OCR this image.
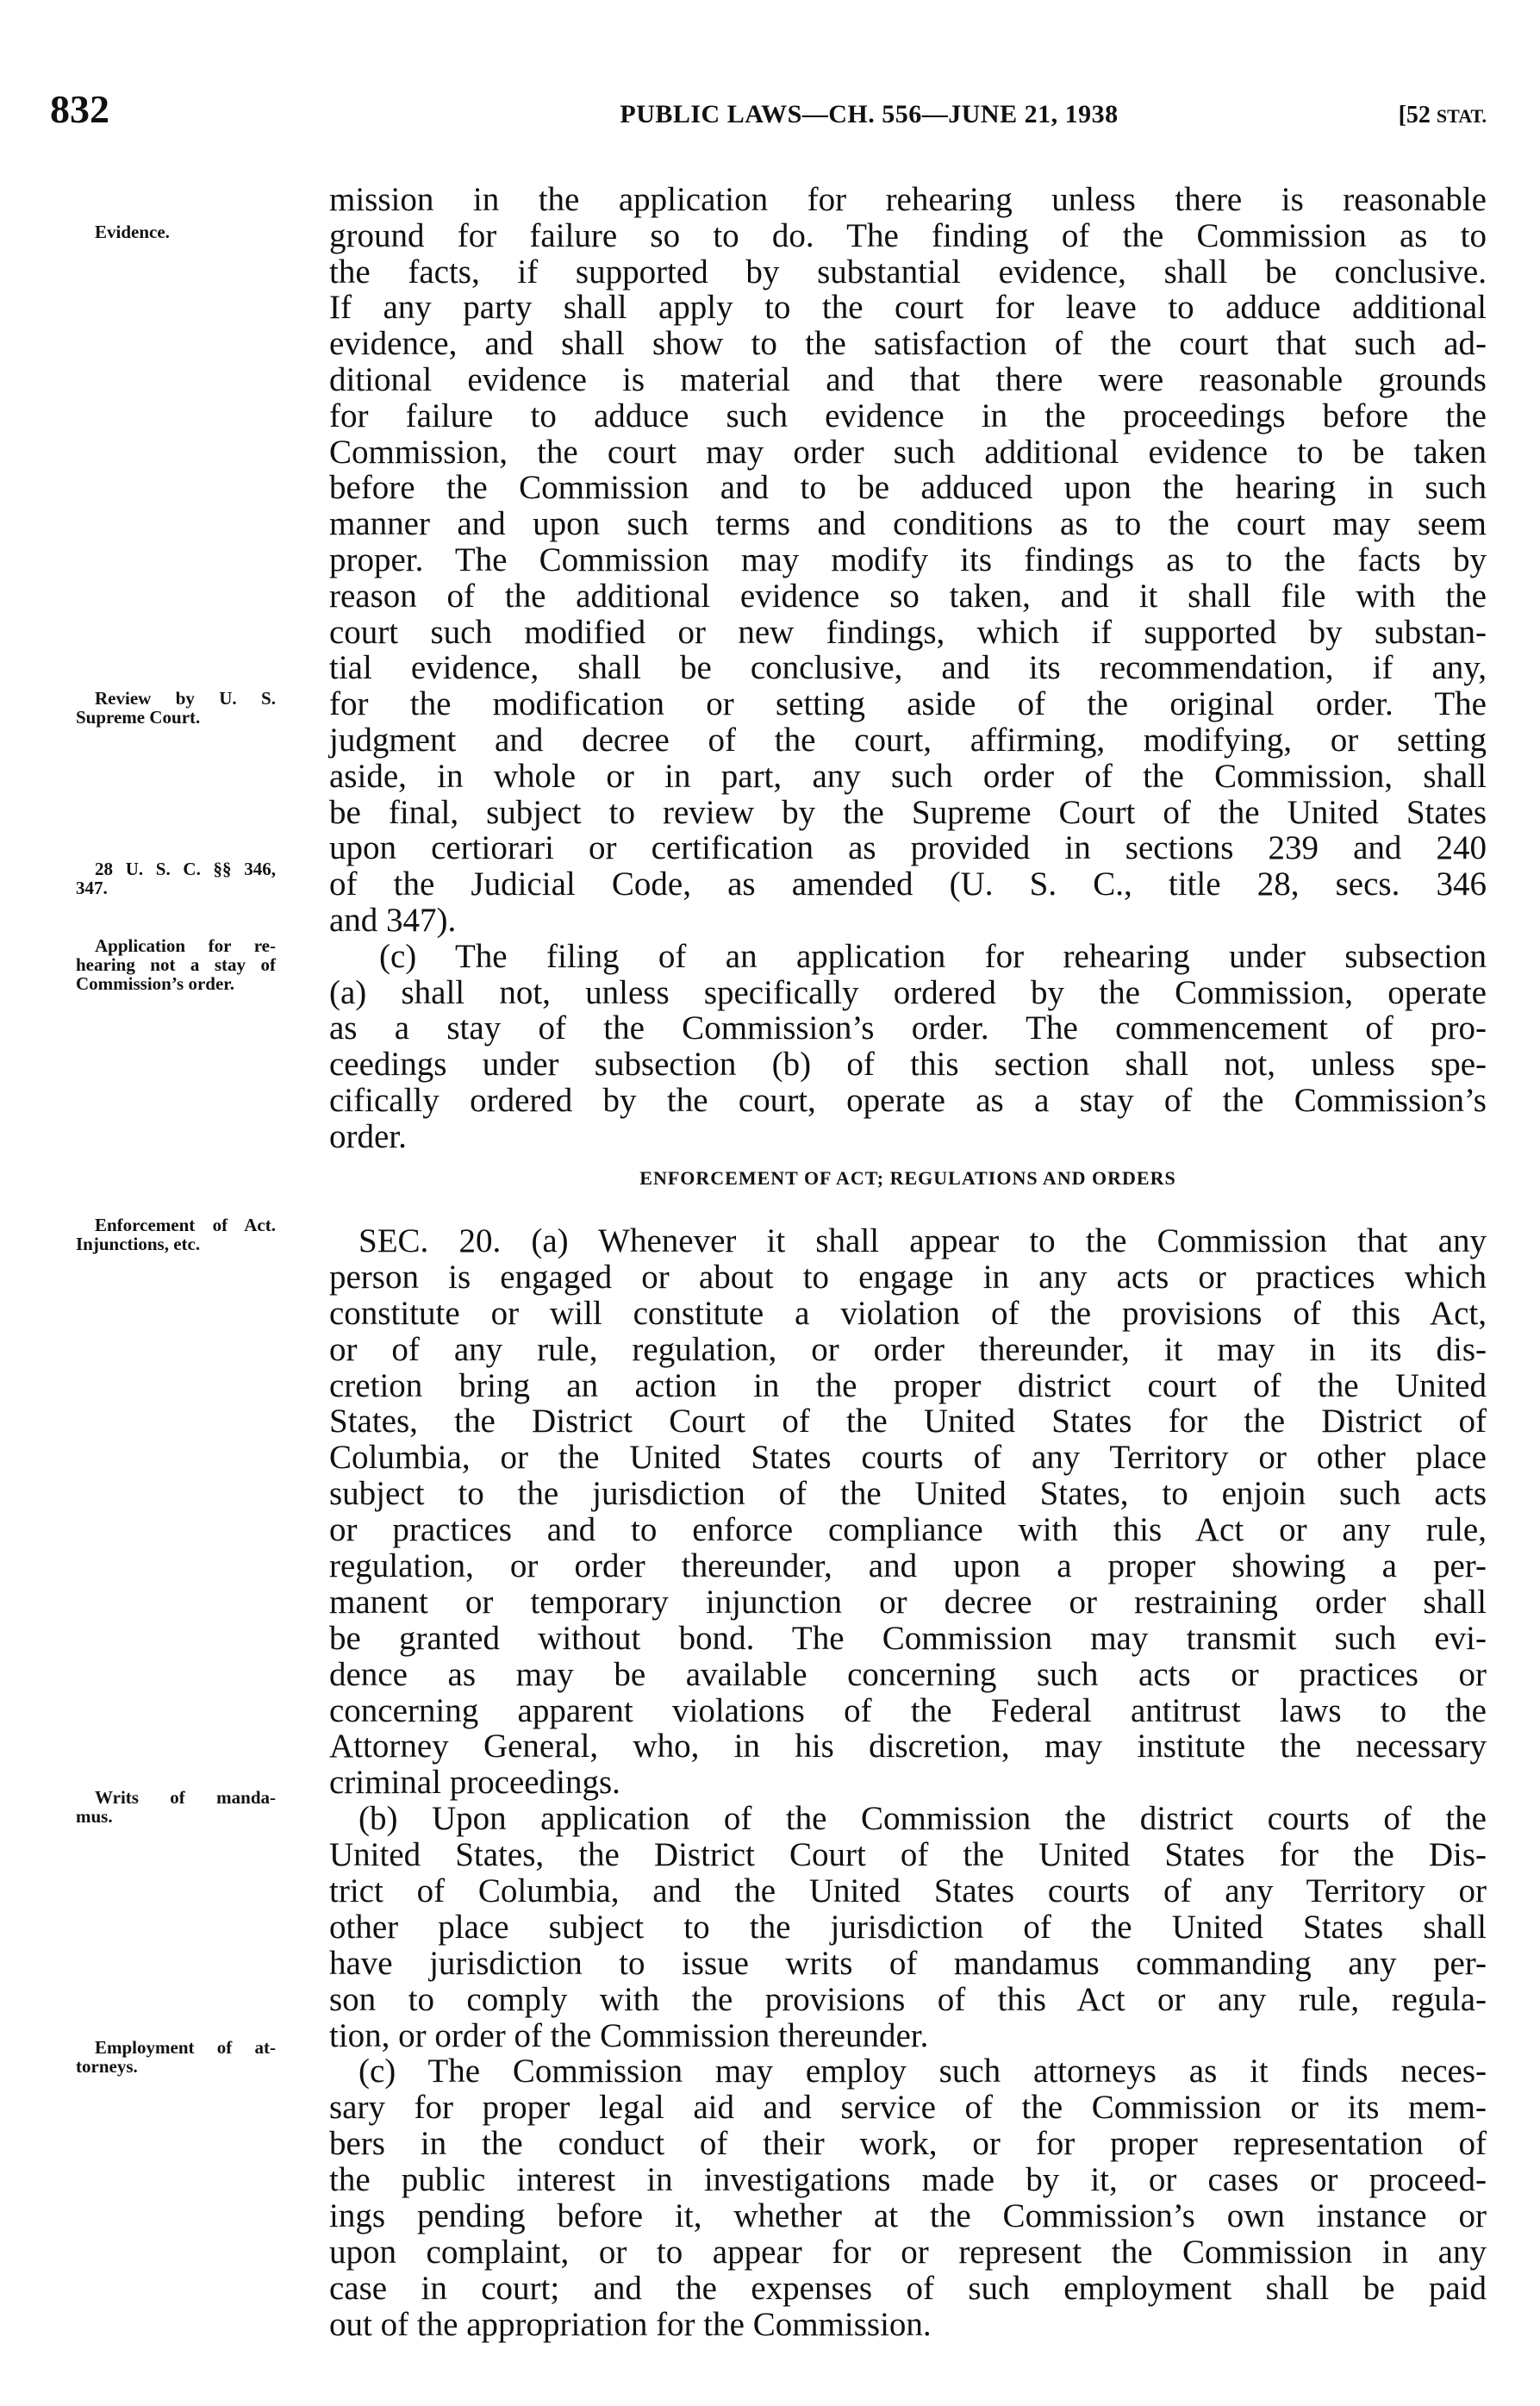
832	PUBLIC LAWS—CH. 556—JUNE 21, 1938	[52 STAT.
mission in the application for rehearing unless there is reasonable
ground for failure so to do. The finding of the Commission as to
the facts, if supported by substantial evidence, shall be conclusive.
If any party shall apply to the court for leave to adduce additional
evidence, and shall show to the satisfaction of the court that such ad-
ditional evidence is material and that there were reasonable grounds
for failure to adduce such evidence in the proceedings before the
Commission, the court may order such additional evidence to be taken
before the Commission and to be adduced upon the hearing in such
manner and upon such terms and conditions as to the court may seem
proper. The Commission may modify its findings as to the facts by
reason of the additional evidence so taken, and it shall file with the
court such modified or new findings, which if supported by substan-
tial evidence, shall be conclusive, and its recommendation, if any,
for the modification or setting aside of the original order. The
judgment and decree of the court, affirming, modifying, or setting
aside, in whole or in part, any such order of the Commission, shall
be final, subject to review by the Supreme Court of the United States
upon certiorari or certification as provided in sections 239 and 240
of the Judicial Code, as amended (U. S. C., title 28, secs. 346
and 347).
(c) The filing of an application for rehearing under subsection
(a) shall not, unless specifically ordered by the Commission, operate
as a stay of the Commission’s order. The commencement of pro-
ceedings under subsection (b) of this section shall not, unless spe-
cifically ordered by the court, operate as a stay of the Commission’s
order.
ENFORCEMENT OF ACT; REGULATIONS AND ORDERS
SEC. 20. (a) Whenever it shall appear to the Commission that any
person is engaged or about to engage in any acts or practices which
constitute or will constitute a violation of the provisions of this Act,
or of any rule, regulation, or order thereunder, it may in its dis-
cretion bring an action in the proper district court of the United
States, the District Court of the United States for the District of
Columbia, or the United States courts of any Territory or other place
subject to the jurisdiction of the United States, to enjoin such acts
or practices and to enforce compliance with this Act or any rule,
regulation, or order thereunder, and upon a proper showing a per-
manent or temporary injunction or decree or restraining order shall
be granted without bond. The Commission may transmit such evi-
dence as may be available concerning such acts or practices or
concerning apparent violations of the Federal antitrust laws to the
Attorney General, who, in his discretion, may institute the necessary
criminal proceedings.
(b) Upon application of the Commission the district courts of the
United States, the District Court of the United States for the Dis-
trict of Columbia, and the United States courts of any Territory or
other place subject to the jurisdiction of the United States shall
have jurisdiction to issue writs of mandamus commanding any per-
son to comply with the provisions of this Act or any rule, regula-
tion, or order of the Commission thereunder.
(c) The Commission may employ such attorneys as it finds neces-
sary for proper legal aid and service of the Commission or its mem-
bers in the conduct of their work, or for proper representation of
the public interest in investigations made by it, or cases or proceed-
ings pending before it, whether at the Commission’s own instance or
upon complaint, or to appear for or represent the Commission in any
case in court; and the expenses of such employment shall be paid
out of the appropriation for the Commission.
Evidence.
Review by U. S.
Supreme Court.
28 U. S. C. §§ 346,
347.
Application for re-
hearing not a stay of
Commission’s order.
Enforcement of Act.
Injunctions, etc.
Writs of manda-
mus.
Employment of at-
torneys.
